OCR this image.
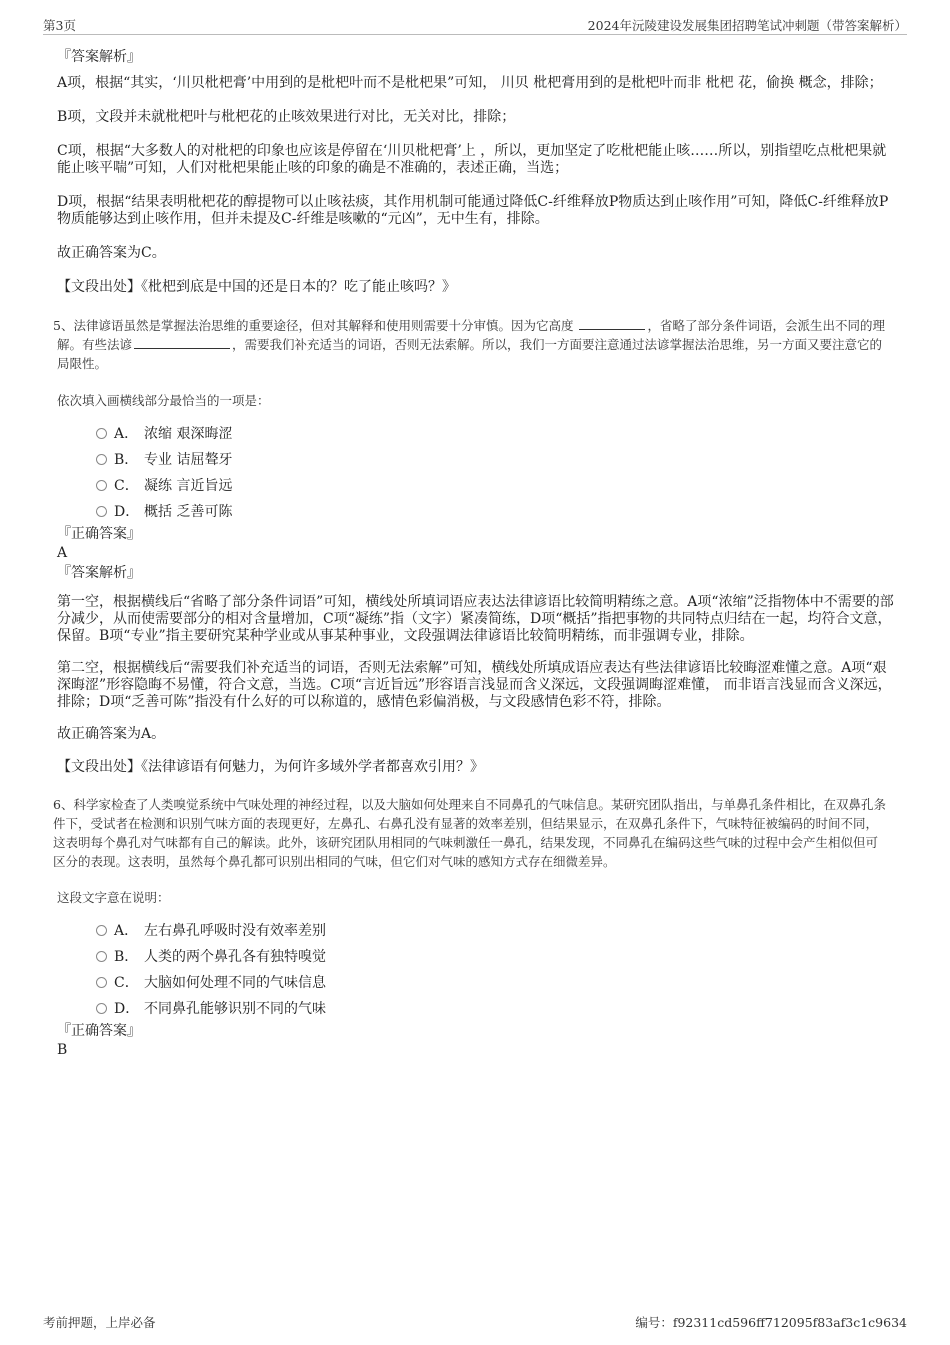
第3页	2024年沅陵建设发展集团招聘笔试冲刺题（带答案解析）

『答案解析』

A项，根据“其实，‘川贝枇杷膏’中用到的是枇杷叶而不是枇杷果”可知， 川贝 枇杷膏用到的是枇杷叶而非 枇杷 花，偷换 概念，排除；

B项，文段并未就枇杷叶与枇杷花的止咳效果进行对比，无关对比，排除；

C项，根据“大多数人的对枇杷的印象也应该是停留在‘川贝枇杷膏’上 ，所以，更加坚定了吃枇杷能止咳……所以，别指望吃点枇杷果就能止咳平喘”可知，人们对枇杷果能止咳的印象的确是不准确的，表述正确，当选；

D项，根据“结果表明枇杷花的醇提物可以止咳祛痰，其作用机制可能通过降低C-纤维释放P物质达到止咳作用”可知，降低C-纤维释放P物质能够达到止咳作用，但并未提及C-纤维是咳嗽的“元凶”，无中生有，排除。

故正确答案为C。

【文段出处】《枇杷到底是中国的还是日本的？吃了能止咳吗？》

5、法律谚语虽然是掌握法治思维的重要途径，但对其解释和使用则需要十分审慎。因为它高度	，省略了部分条件词语，会派生出不同的理解。有些法谚	，需要我们补充适当的词语，否则无法索解。所以，我们一方面要注意通过法谚掌握法治思维，另一方面又要注意它的局限性。

依次填入画横线部分最恰当的一项是：

A． 浓缩 艰深晦涩
B． 专业 诘屈聱牙
C． 凝练 言近旨远
D． 概括 乏善可陈

『正确答案』

A

『答案解析』

第一空，根据横线后“省略了部分条件词语”可知，横线处所填词语应表达法律谚语比较简明精练之意。A项“浓缩”泛指物体中不需要的部分减少，从而使需要部分的相对含量增加，C项“凝练”指（文字）紧凑简练，D项“概括”指把事物的共同特点归结在一起，均符合文意，保留。B项“专业”指主要研究某种学业或从事某种事业，文段强调法律谚语比较简明精练，而非强调专业，排除。

第二空，根据横线后“需要我们补充适当的词语，否则无法索解”可知，横线处所填成语应表达有些法律谚语比较晦涩难懂之意。A项“艰深晦涩”形容隐晦不易懂，符合文意，当选。C项“言近旨远”形容语言浅显而含义深远，文段强调晦涩难懂， 而非语言浅显而含义深远，排除；D项“乏善可陈”指没有什么好的可以称道的，感情色彩偏消极，与文段感情色彩不符，排除。

故正确答案为A。

【文段出处】《法律谚语有何魅力，为何许多域外学者都喜欢引用？》

6、科学家检查了人类嗅觉系统中气味处理的神经过程，以及大脑如何处理来自不同鼻孔的气味信息。某研究团队指出，与单鼻孔条件相比，在双鼻孔条件下，受试者在检测和识别气味方面的表现更好，左鼻孔、右鼻孔没有显著的效率差别，但结果显示，在双鼻孔条件下，气味特征被编码的时间不同，这表明每个鼻孔对气味都有自己的解读。此外，该研究团队用相同的气味刺激任一鼻孔，结果发现，不同鼻孔在编码这些气味的过程中会产生相似但可区分的表现。这表明，虽然每个鼻孔都可识别出相同的气味，但它们对气味的感知方式存在细微差异。

这段文字意在说明：

A． 左右鼻孔呼吸时没有效率差别
B． 人类的两个鼻孔各有独特嗅觉
C． 大脑如何处理不同的气味信息
D． 不同鼻孔能够识别不同的气味

『正确答案』

B

考前押题，上岸必备	编号：f92311cd596ff712095f83af3c1c9634
